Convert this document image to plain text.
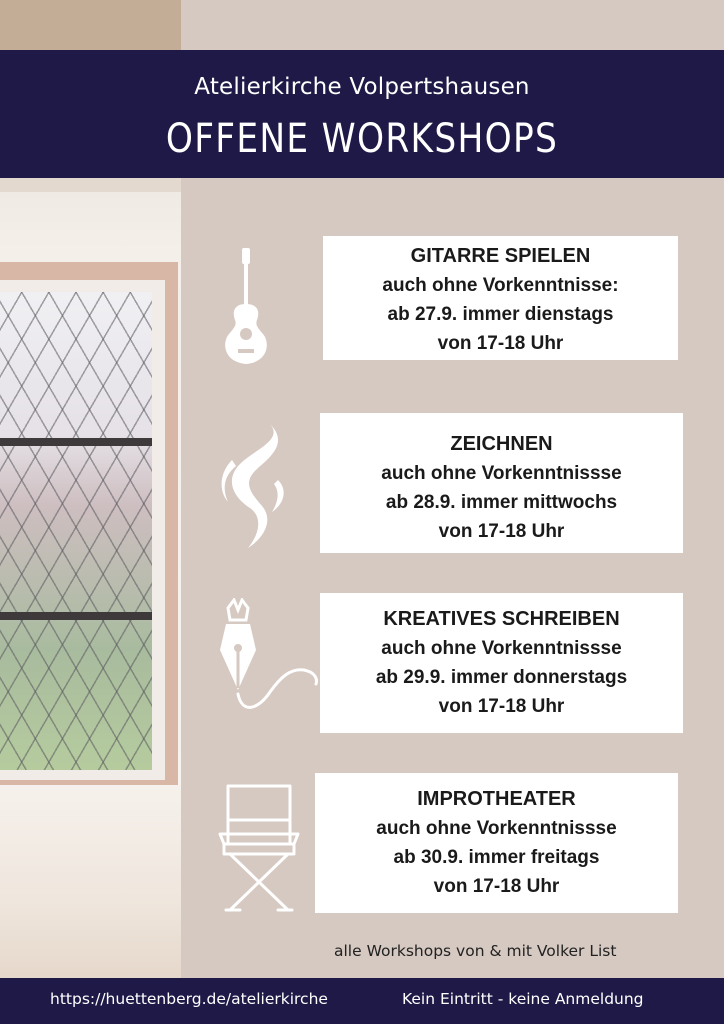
Atelierkirche Volpertshausen
OFFENE WORKSHOPS
GITARRE SPIELEN
auch ohne Vorkenntnisse:
ab 27.9. immer dienstags
von 17-18 Uhr
ZEICHNEN
auch ohne Vorkenntnissse
ab 28.9. immer mittwochs
von 17-18 Uhr
KREATIVES SCHREIBEN
auch ohne Vorkenntnissse
ab 29.9. immer donnerstags
von 17-18 Uhr
IMPROTHEATER
auch ohne Vorkenntnissse
ab 30.9. immer freitags
von 17-18 Uhr
alle Workshops von & mit Volker List
https://huettenberg.de/atelierkirche	Kein Eintritt - keine Anmeldung
